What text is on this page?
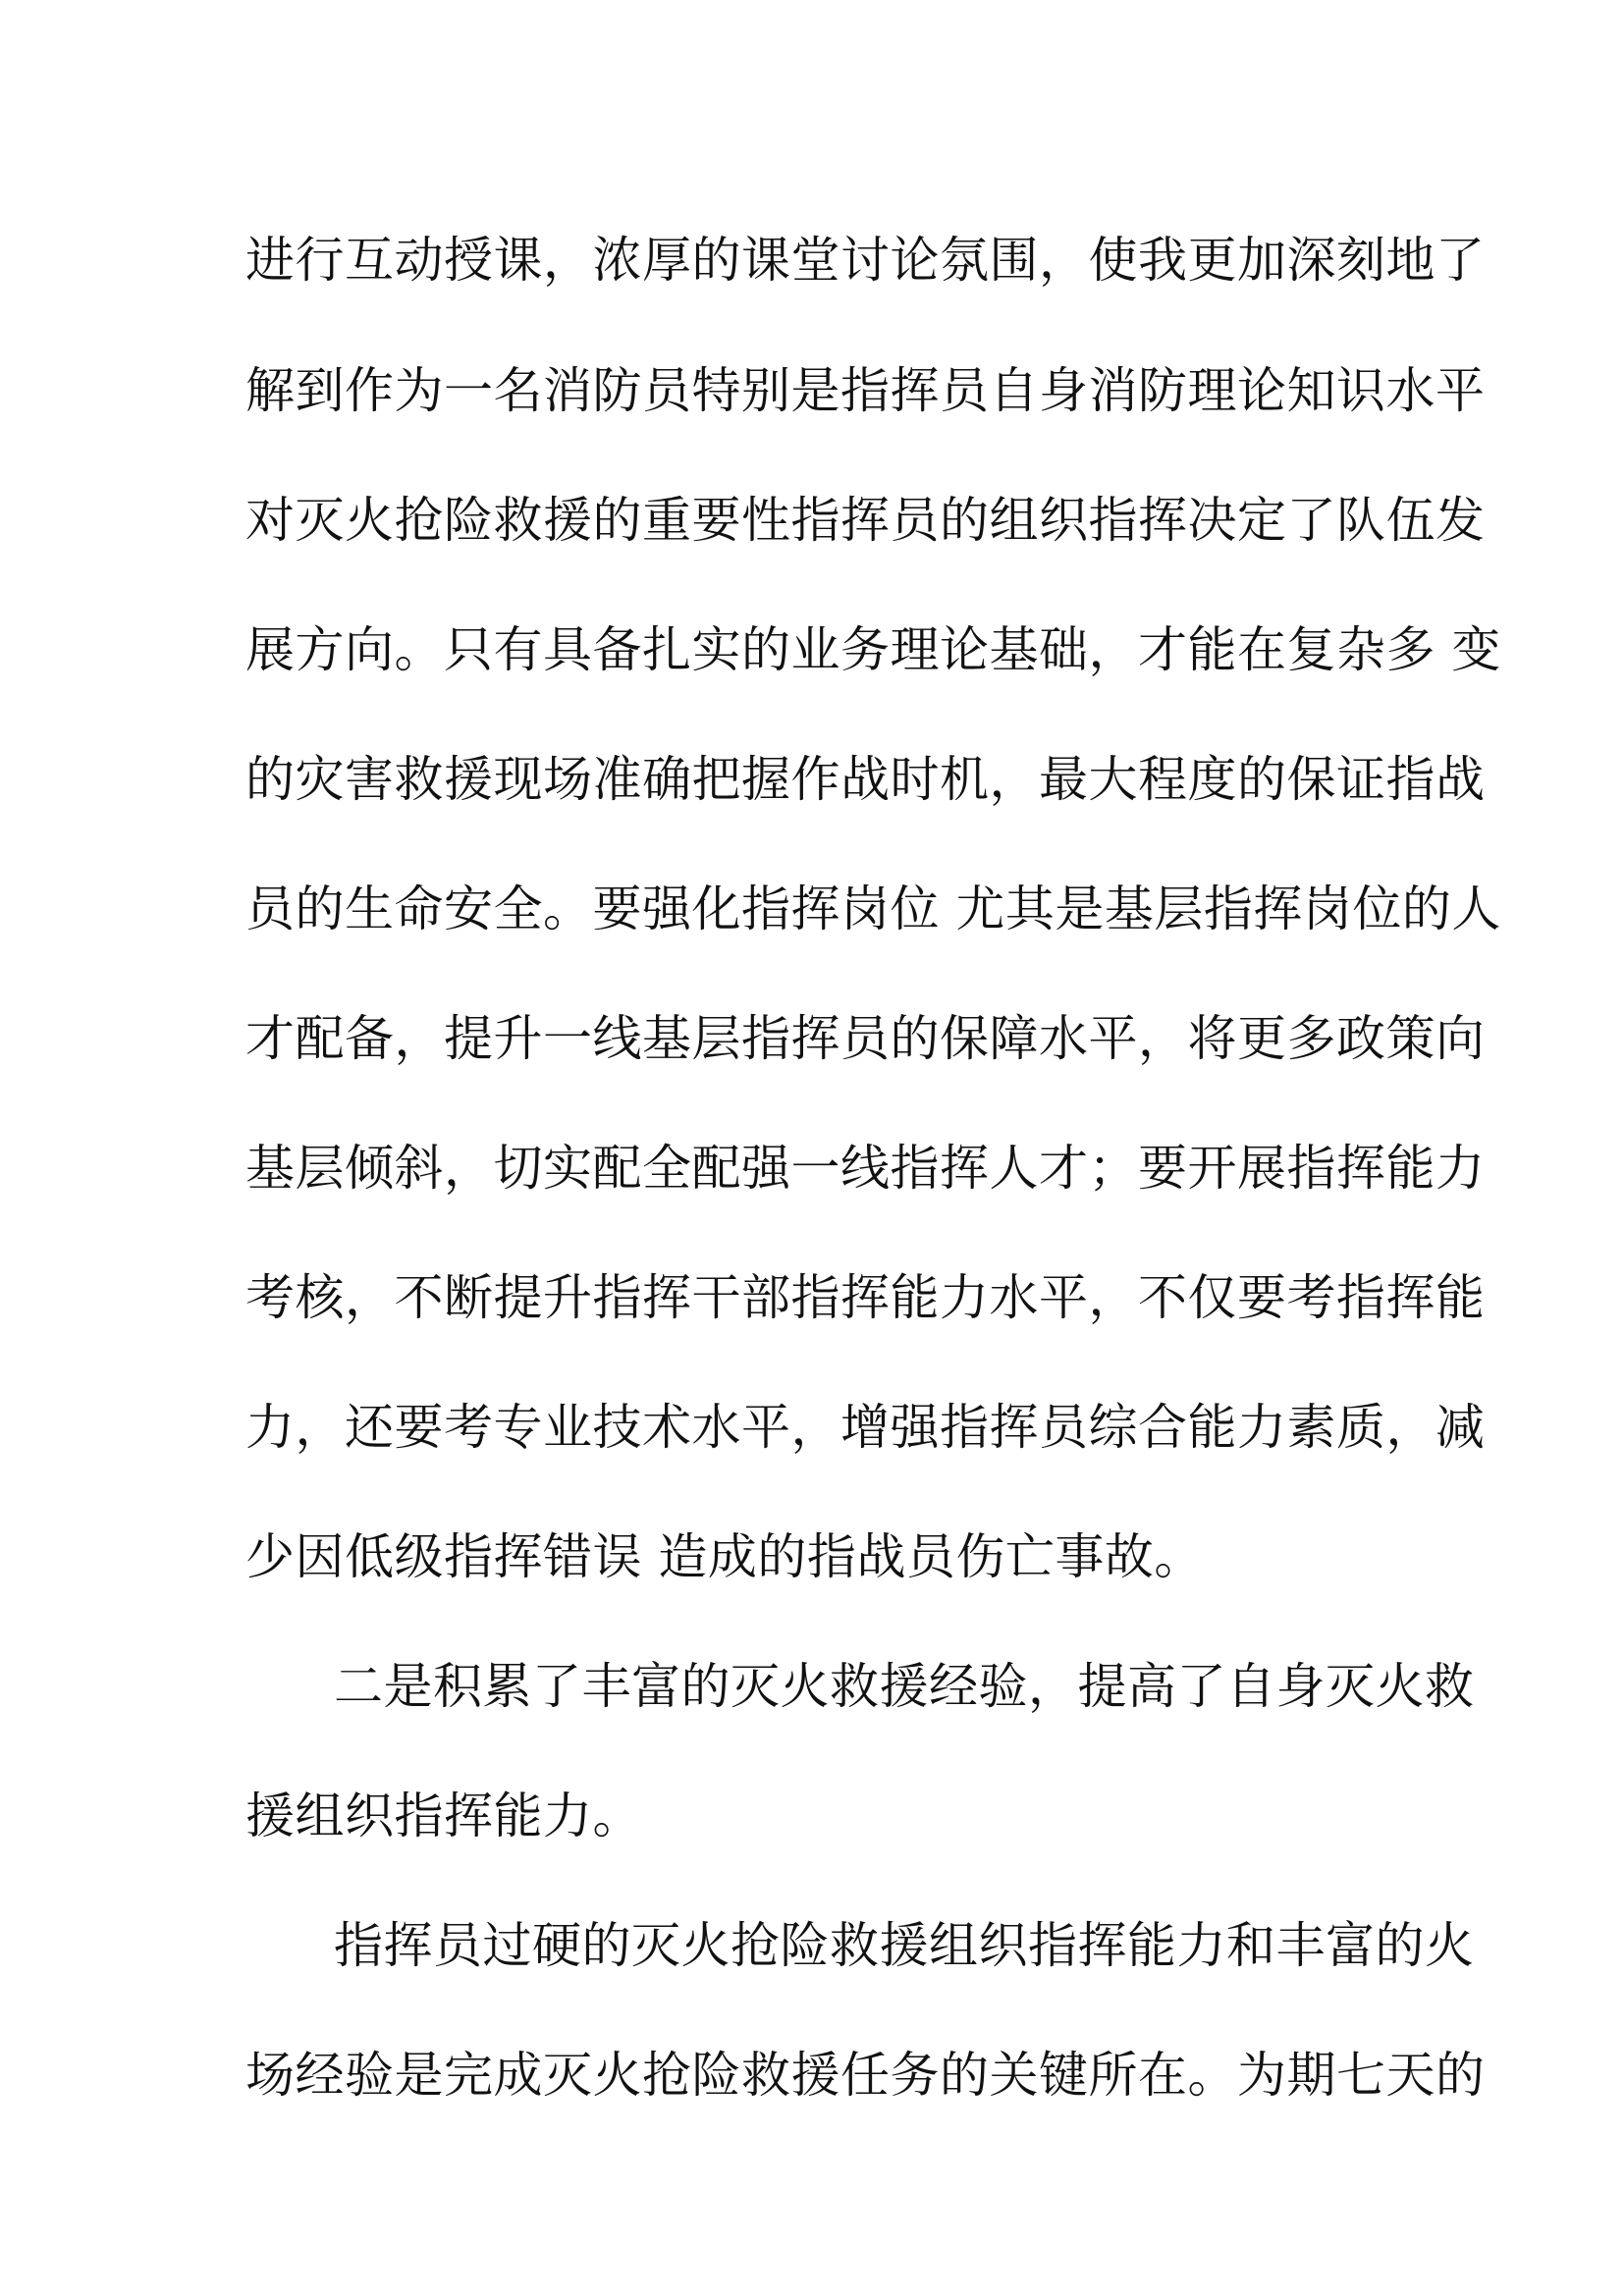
进行互动授课，浓厚的课堂讨论氛围，使我更加深刻地了
解到作为一名消防员特别是指挥员自身消防理论知识水平
对灭火抢险救援的重要性指挥员的组织指挥决定了队伍发
展方向。只有具备扎实的业务理论基础，才能在复杂多 变
的灾害救援现场准确把握作战时机，最大程度的保证指战
员的生命安全。要强化指挥岗位 尤其是基层指挥岗位的人
才配备，提升一线基层指挥员的保障水平，将更多政策向
基层倾斜，切实配全配强一线指挥人才；要开展指挥能力
考核，不断提升指挥干部指挥能力水平，不仅要考指挥能
力，还要考专业技术水平，增强指挥员综合能力素质，减
少因低级指挥错误 造成的指战员伤亡事故。
二是积累了丰富的灭火救援经验，提高了自身灭火救
援组织指挥能力。
指挥员过硬的灭火抢险救援组织指挥能力和丰富的火
场经验是完成灭火抢险救援任务的关键所在。为期七天的
